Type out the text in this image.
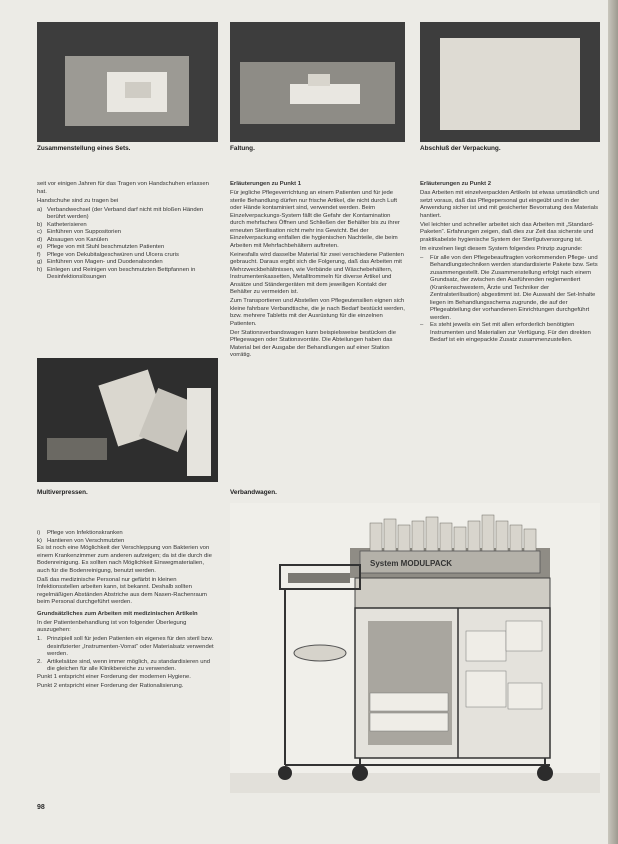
Zusammenstellung eines Sets.	Faltung.	Abschluß der Verpackung.

seit vor einigen Jahren für das Tragen von Handschuhen erlassen hat.

Handschuhe sind zu tragen bei

a) Verbandwechsel (der Verband darf nicht mit bloßen Händen berührt werden)
b) Katheterisieren
c) Einführen von Suppositorien
d) Absaugen von Kanülen
e) Pflege von mit Stuhl beschmutzten Patienten
f)	Pflege von Dekubitalgeschwüren und Ulcera cruris
g) Einführen von Magen- und Duodenalsonden
h) Einlegen und Reinigen von beschmutzten Bettpfannen in Desinfektionslösungen
Multiverpressen.

Erläuterungen zu Punkt 1

Für jegliche Pflegeverrichtung an einem Patienten und für jede sterile Behandlung dürfen nur frische Artikel, die nicht durch Luft oder Hände kontaminiert sind, verwendet werden. Beim Einzelverpackungs-System fällt die Gefahr der Kontamination durch mehrfaches Öffnen und Schließen der Behälter bis zu ihrer erneuten Sterilisation nicht mehr ins Gewicht. Bei der Einzelverpackung entfallen die hygienischen Nachteile, die beim Arbeiten mit Mehrfachbehältern auftreten.

Keinesfalls wird dasselbe Material für zwei verschiedene Patienten gebraucht. Daraus ergibt sich die Folgerung, daß das Arbeiten mit Mehrzweckbehältnissen, wie Verbände und Wäschebehältern, Instrumentenkassetten, Metalltrommeln für diverse Artikel und Ansätze und Ständergeräten mit dem jeweiligen Kontakt der Behälter zu vermeiden ist.

Zum Transportieren und Abstellen von Pflegeutensilien eignen sich kleine fahrbare Verbandtische, die je nach Bedarf bestückt werden, bzw. mehrere Tabletts mit der Ausrüstung für die einzelnen Patienten.

Der Stationsverbandswagen kann beispielsweise bestücken die Pflegewagen oder Stationsvorräte. Die Abteilungen haben das Material bei der Ausgabe der Behandlungen auf einer Station vorrätig.

Erläuterungen zu Punkt 2

Das Arbeiten mit einzelverpackten Artikeln ist etwas umständlich und setzt voraus, daß das Pflegepersonal gut eingeübt und in der Anwendung sicher ist und mit gesicherter Bevorratung des Materials hantiert.

Viel leichter und schneller arbeitet sich das Arbeiten mit „Standard-Paketen“. Erfahrungen zeigen, daß dies zur Zeit das sicherste und praktikabelste hygienische System der Sterilgutversorgung ist.

Im einzelnen liegt diesem System folgendes Prinzip zugrunde:

–	Für alle von den Pflegebeauftragten vorkommenden Pflege- und Behandlungstechniken werden standardisierte Pakete bzw. Sets zusammengestellt. Die Zusammenstellung erfolgt nach einem Grundsatz, der zwischen den Ausführenden reglementiert (Krankenschwestern, Ärzte und Techniker der Zentralsterilisation) abgestimmt ist. Die Auswahl der Set-Inhalte liegen im Behandlungsschema zugrunde, die auf der Pflegeabteilung der vorhandenen Einrichtungen durchgeführt werden.
–	Es steht jeweils ein Set mit allen erforderlich benötigten Instrumenten und Materialien zur Verfügung. Für den direkten Bedarf ist ein eingepackte Zusatz zusammenzustellen.
Verbandwagen.
i)	Pflege von Infektionskranken
k) Hantieren von Verschmutzten

Es ist noch eine Möglichkeit der Verschleppung von Bakterien von einem Krankenzimmer zum anderen aufzeigen; da ist die durch die Bodenreinigung. Es sollten nach Möglichkeit Einwegmaterialien, auch für die Bodenreinigung, benutzt werden.

Daß das medizinische Personal nur gefärbt in kleinen Infektionsstellen arbeiten kann, ist bekannt. Deshalb sollten regelmäßigen Abständen Abstriche aus dem Nasen-Rachenraum beim Personal durchgeführt werden.

Grundsätzliches zum Arbeiten mit medizinischen Artikeln

In der Patientenbehandlung ist von folgender Überlegung auszugehen:

1. Prinzipiell soll für jeden Patienten ein eigenes für den steril bzw. desinfizierter „Instrumenten-Vorrat“ oder Materialsatz verwendet werden.
2. Artikelsätze sind, wenn immer möglich, zu standardisieren und die gleichen für alle Klinikbereiche zu verwenden.

Punkt 1 entspricht einer Forderung der modernen Hygiene.

Punkt 2 entspricht einer Forderung der Rationalisierung.

System MODULPACK
98
